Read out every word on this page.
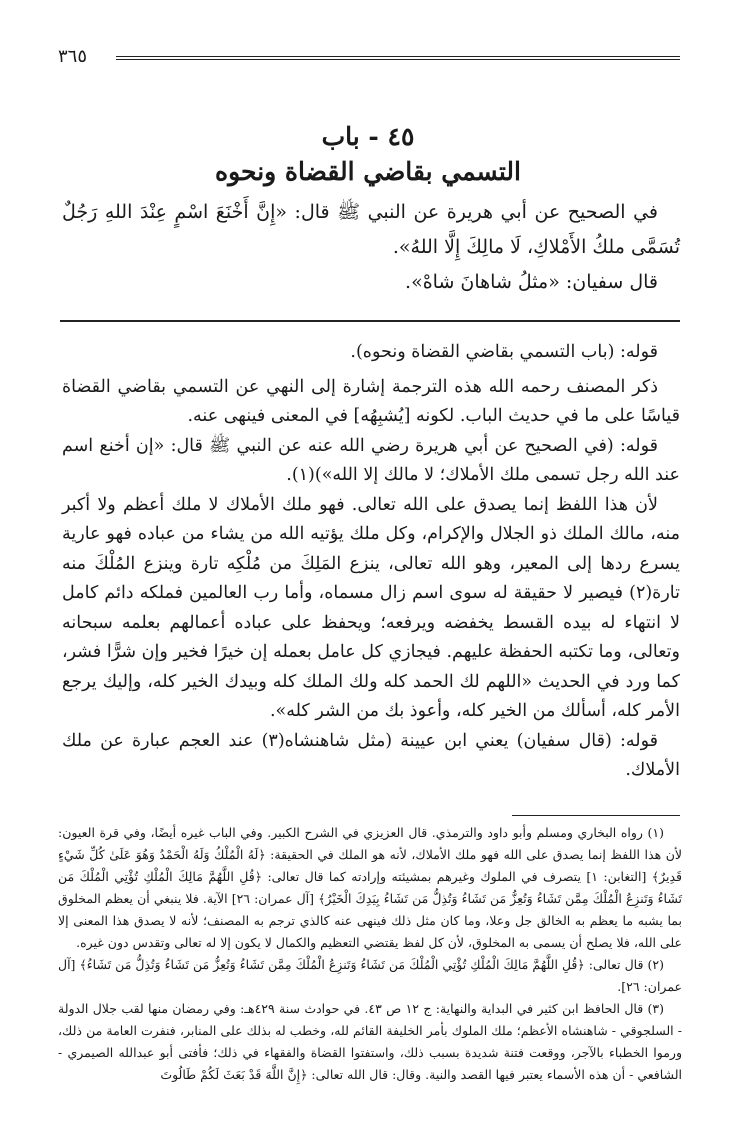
٣٦٥
٤٥ - باب
التسمي بقاضي القضاة ونحوه

في الصحيح عن أبي هريرة عن النبي ﷺ قال: «إِنَّ أَخْنَعَ اسْمٍ عِنْدَ اللهِ رَجُلٌ تُسَمَّى ملكُ الأَمْلاكِ، لَا مالِكَ إِلَّا اللهُ».

قال سفيان: «مثلُ شاهانَ شاهْ».

قوله: (باب التسمي بقاضي القضاة ونحوه).

ذكر المصنف رحمه الله هذه الترجمة إشارة إلى النهي عن التسمي بقاضي القضاة قياسًا على ما في حديث الباب. لكونه [يُشبِهُه] في المعنى فينهى عنه.

قوله: (في الصحيح عن أبي هريرة رضي الله عنه عن النبي ﷺ قال: «إن أخنع اسم عند الله رجل تسمى ملك الأملاك؛ لا مالك إلا الله»)(١).

لأن هذا اللفظ إنما يصدق على الله تعالى. فهو ملك الأملاك لا ملك أعظم ولا أكبر منه، مالك الملك ذو الجلال والإكرام، وكل ملك يؤتيه الله من يشاء من عباده فهو عارية يسرع ردها إلى المعير، وهو الله تعالى، ينزع المَلِكَ من مُلْكِه تارة وينزع المُلْكَ منه تارة(٢) فيصير لا حقيقة له سوى اسم زال مسماه، وأما رب العالمين فملكه دائم كامل لا انتهاء له بيده القسط يخفضه ويرفعه؛ ويحفظ على عباده أعمالهم بعلمه سبحانه وتعالى، وما تكتبه الحفظة عليهم. فيجازي كل عامل بعمله إن خيرًا فخير وإن شرًّا فشر، كما ورد في الحديث «اللهم لك الحمد كله ولك الملك كله وبيدك الخير كله، وإليك يرجع الأمر كله، أسألك من الخير كله، وأعوذ بك من الشر كله».

قوله: (قال سفيان) يعني ابن عيينة (مثل شاهنشاه(٣) عند العجم عبارة عن ملك الأملاك.

(١) رواه البخاري ومسلم وأبو داود والترمذي. قال العزيزي في الشرح الكبير. وفي الباب غيره أيضًا، وفي قرة العيون: لأن هذا اللفظ إنما يصدق على الله فهو ملك الأملاك، لأنه هو الملك في الحقيقة: ﴿لَهُ الْمُلْكُ وَلَهُ الْحَمْدُ وَهُوَ عَلَىٰ كُلِّ شَيْءٍ قَدِيرٌ﴾ [التغابن: ١] يتصرف في الملوك وغيرهم بمشيئته وإرادته كما قال تعالى: ﴿قُلِ اللَّهُمَّ مَالِكَ الْمُلْكِ تُؤْتِي الْمُلْكَ مَن تَشَاءُ وَتَنزِعُ الْمُلْكَ مِمَّن تَشَاءُ وَتُعِزُّ مَن تَشَاءُ وَتُذِلُّ مَن تَشَاءُ بِيَدِكَ الْخَيْرُ﴾ [آل عمران: ٢٦] الآية. فلا ينبغي أن يعظم المخلوق بما يشبه ما يعظم به الخالق جل وعلا، وما كان مثل ذلك فينهى عنه كالذي ترجم به المصنف؛ لأنه لا يصدق هذا المعنى إلا على الله، فلا يصلح أن يسمى به المخلوق، لأن كل لفظ يقتضي التعظيم والكمال لا يكون إلا له تعالى وتقدس دون غيره.

(٢) قال تعالى: ﴿قُلِ اللَّهُمَّ مَالِكَ الْمُلْكِ تُؤْتِي الْمُلْكَ مَن تَشَاءُ وَتَنزِعُ الْمُلْكَ مِمَّن تَشَاءُ وَتُعِزُّ مَن تَشَاءُ وَتُذِلُّ مَن تَشَاءُ﴾ [آل عمران: ٢٦].

(٣) قال الحافظ ابن كثير في البداية والنهاية: ج ١٢ ص ٤٣. في حوادث سنة ٤٢٩هـ: وفي رمضان منها لقب جلال الدولة - السلجوقي - شاهنشاه الأعظم؛ ملك الملوك بأمر الخليفة القائم لله، وخطب له بذلك على المنابر، فنفرت العامة من ذلك، ورموا الخطباء بالآجر، ووقعت فتنة شديدة بسبب ذلك، واستفتوا القضاة والفقهاء في ذلك؛ فأفتى أبو عبدالله الصيمري - الشافعي - أن هذه الأسماء يعتبر فيها القصد والنية. وقال: قال الله تعالى: ﴿إِنَّ اللَّهَ قَدْ بَعَثَ لَكُمْ طَالُوتَ
